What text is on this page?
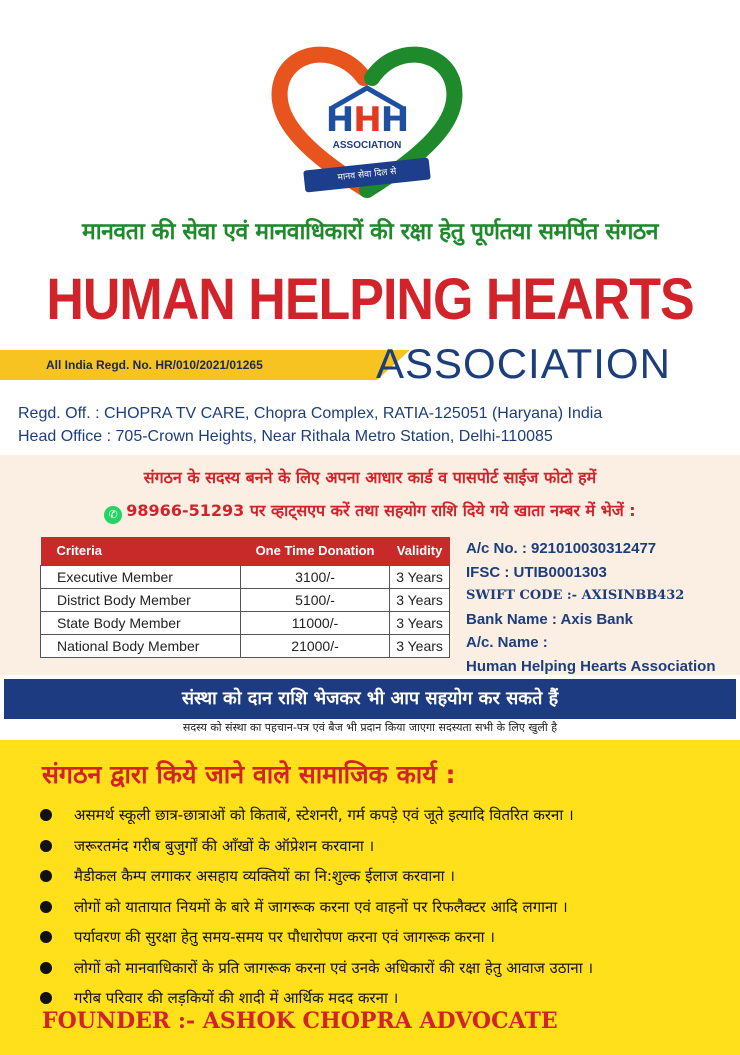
HHH
ASSOCIATION
मानव सेवा दिल से
मानवता की सेवा एवं मानवाधिकारों की रक्षा हेतु पूर्णतया समर्पित संगठन
HUMAN HELPING HEARTS
All India Regd. No. HR/010/2021/01265	ASSOCIATION
Regd. Off. : CHOPRA TV CARE, Chopra Complex, RATIA-125051 (Haryana) India
Head Office : 705-Crown Heights, Near Rithala Metro Station, Delhi-110085
संगठन के सदस्य बनने के लिए अपना आधार कार्ड व पासपोर्ट साईज फोटो हमें
✆ 98966-51293 पर व्हाट्सएप करें तथा सहयोग राशि दिये गये खाता नम्बर में भेजें :
Criteria	One Time Donation	Validity
Executive Member	3100/-	3 Years
District Body Member	5100/-	3 Years
State Body Member	11000/-	3 Years
National Body Member	21000/-	3 Years
A/c No. : 921010030312477
IFSC : UTIB0001303
SWIFT CODE :- AXISINBB432
Bank Name : Axis Bank
A/c. Name :
Human Helping Hearts Association
संस्था को दान राशि भेजकर भी आप सहयोग कर सकते हैं
सदस्य को संस्था का पहचान-पत्र एवं बैज भी प्रदान किया जाएगा सदस्यता सभी के लिए खुली है
संगठन द्वारा किये जाने वाले सामाजिक कार्य :
असमर्थ स्कूली छात्र-छात्राओं को किताबें, स्टेशनरी, गर्म कपड़े एवं जूते इत्यादि वितरित करना ।
जरूरतमंद गरीब बुजुर्गों की आँखों के ऑप्रेशन करवाना ।
मैडीकल कैम्प लगाकर असहाय व्यक्तियों का नि:शुल्क ईलाज करवाना ।
लोगों को यातायात नियमों के बारे में जागरूक करना एवं वाहनों पर रिफलैक्टर आदि लगाना ।
पर्यावरण की सुरक्षा हेतु समय-समय पर पौधारोपण करना एवं जागरूक करना ।
लोगों को मानवाधिकारों के प्रति जागरूक करना एवं उनके अधिकारों की रक्षा हेतु आवाज उठाना ।
गरीब परिवार की लड़कियों की शादी में आर्थिक मदद करना ।
FOUNDER :- ASHOK CHOPRA ADVOCATE
